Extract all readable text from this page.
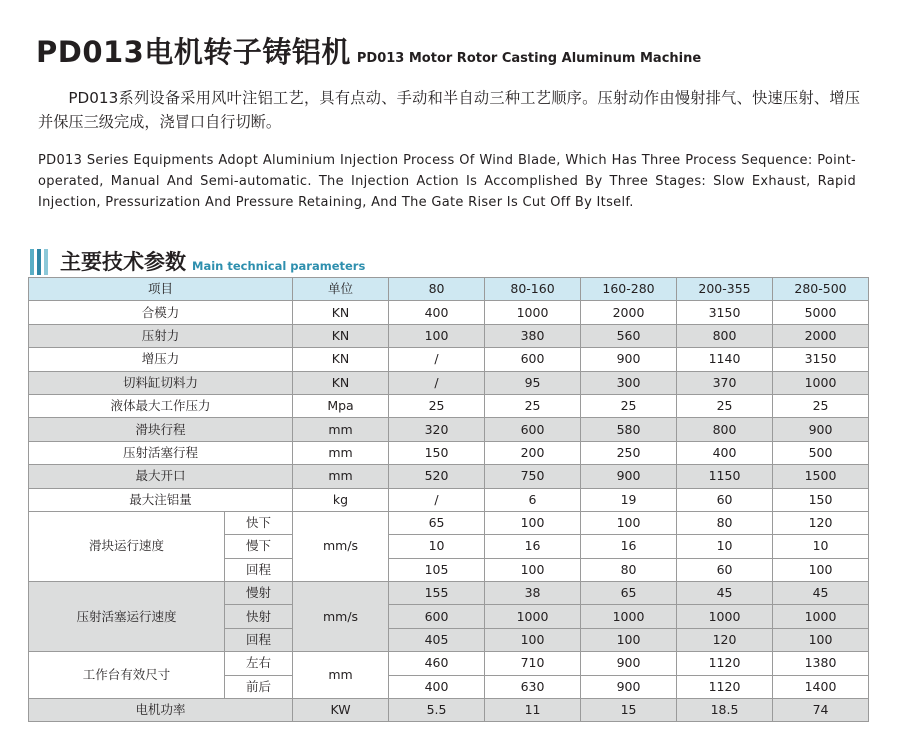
PD013电机转子铸铝机 PD013 Motor Rotor Casting Aluminum Machine
PD013系列设备采用风叶注铝工艺，具有点动、手动和半自动三种工艺顺序。压射动作由慢射排气、快速压射、增压并保压三级完成，浇冒口自行切断。
PD013 Series Equipments Adopt Aluminium Injection Process Of Wind Blade, Which Has Three Process Sequence: Point-operated, Manual And Semi-automatic. The Injection Action Is Accomplished By Three Stages: Slow Exhaust, Rapid Injection, Pressurization And Pressure Retaining, And The Gate Riser Is Cut Off By Itself.
主要技术参数 Main technical parameters
项目		单位	80	80-160	160-280	200-355	280-500
合模力		KN	400	1000	2000	3150	5000
压射力		KN	100	380	560	800	2000
增压力		KN	/	600	900	1140	3150
切料缸切料力		KN	/	95	300	370	1000
液体最大工作压力		Mpa	25	25	25	25	25
滑块行程		mm	320	600	580	800	900
压射活塞行程		mm	150	200	250	400	500
最大开口		mm	520	750	900	1150	1500
最大注铝量		kg	/	6	19	60	150
滑块运行速度	快下	mm/s	65	100	100	80	120
	慢下		10	16	16	10	10
	回程		105	100	80	60	100
压射活塞运行速度	慢射	mm/s	155	38	65	45	45
	快射		600	1000	1000	1000	1000
	回程		405	100	100	120	100
工作台有效尺寸	左右	mm	460	710	900	1120	1380
	前后		400	630	900	1120	1400
电机功率		KW	5.5	11	15	18.5	74
